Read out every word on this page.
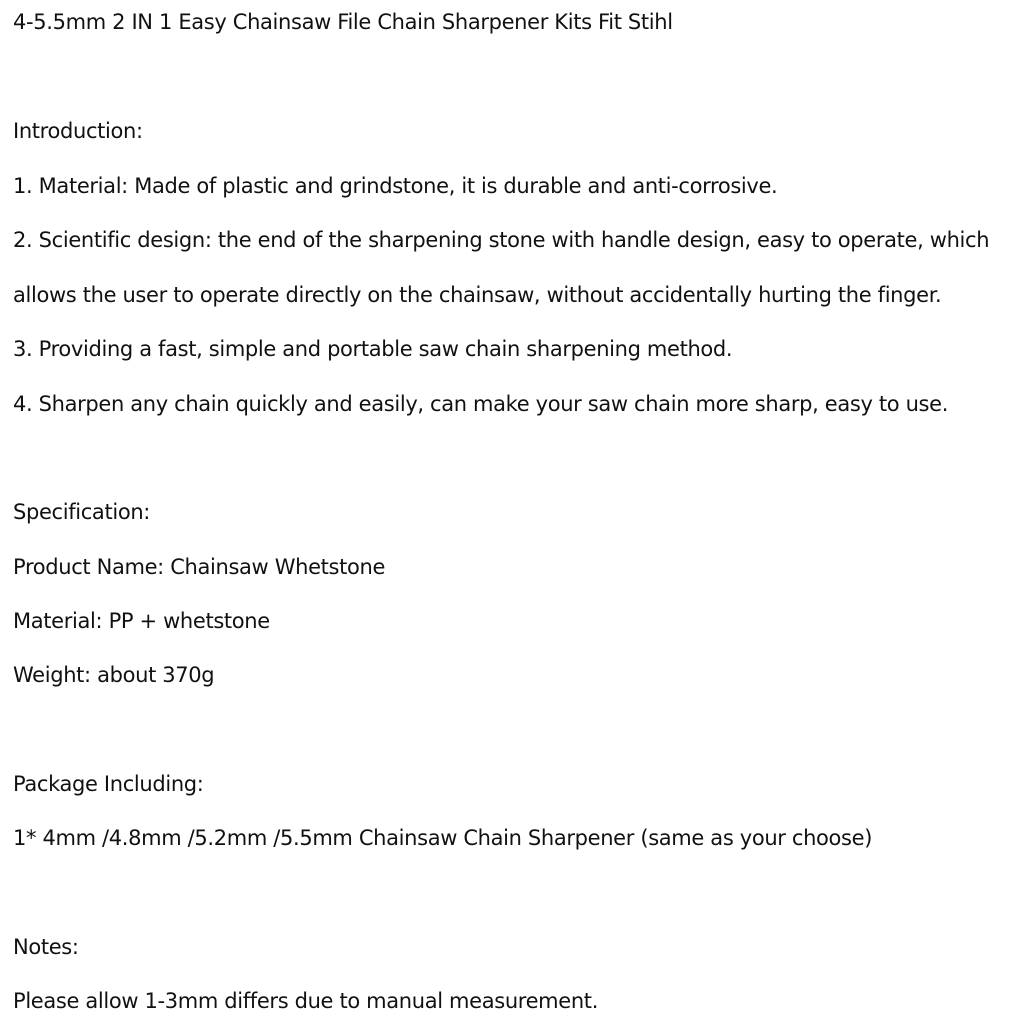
4-5.5mm 2 IN 1 Easy Chainsaw File Chain Sharpener Kits Fit Stihl

Introduction:

1. Material: Made of plastic and grindstone, it is durable and anti-corrosive.

2. Scientific design: the end of the sharpening stone with handle design, easy to operate, which

allows the user to operate directly on the chainsaw, without accidentally hurting the finger.

3. Providing a fast, simple and portable saw chain sharpening method.

4. Sharpen any chain quickly and easily, can make your saw chain more sharp, easy to use.

Specification:

Product Name: Chainsaw Whetstone

Material: PP + whetstone

Weight: about 370g

Package Including:

1* 4mm /4.8mm /5.2mm /5.5mm Chainsaw Chain Sharpener (same as your choose)

Notes:

Please allow 1-3mm differs due to manual measurement.
